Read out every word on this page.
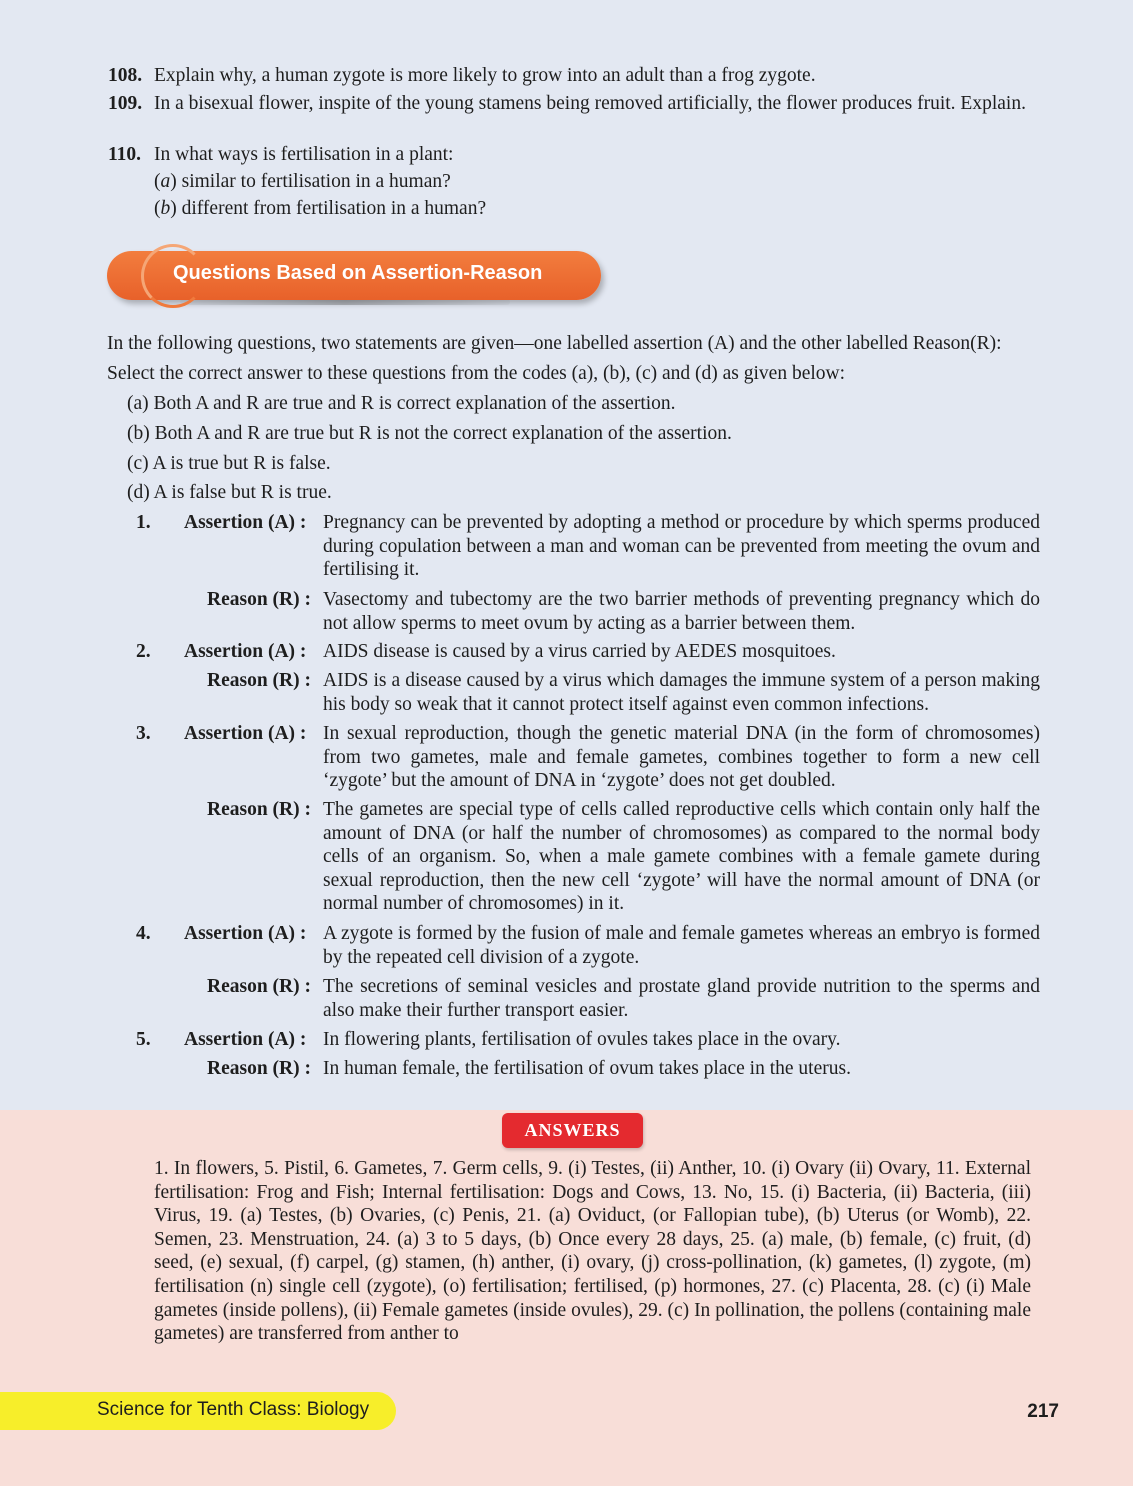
108. Explain why, a human zygote is more likely to grow into an adult than a frog zygote.
109. In a bisexual flower, inspite of the young stamens being removed artificially, the flower produces fruit. Explain.
110. In what ways is fertilisation in a plant:
(a) similar to fertilisation in a human?
(b) different from fertilisation in a human?
Questions Based on Assertion-Reason
In the following questions, two statements are given—one labelled assertion (A) and the other labelled Reason(R):
Select the correct answer to these questions from the codes (a), (b), (c) and (d) as given below:
(a) Both A and R are true and R is correct explanation of the assertion.
(b) Both A and R are true but R is not the correct explanation of the assertion.
(c) A is true but R is false.
(d) A is false but R is true.
1. Assertion (A) : Pregnancy can be prevented by adopting a method or procedure by which sperms produced during copulation between a man and woman can be prevented from meeting the ovum and fertilising it.
Reason (R) : Vasectomy and tubectomy are the two barrier methods of preventing pregnancy which do not allow sperms to meet ovum by acting as a barrier between them.
2. Assertion (A) : AIDS disease is caused by a virus carried by AEDES mosquitoes.
Reason (R) : AIDS is a disease caused by a virus which damages the immune system of a person making his body so weak that it cannot protect itself against even common infections.
3. Assertion (A) : In sexual reproduction, though the genetic material DNA (in the form of chromosomes) from two gametes, male and female gametes, combines together to form a new cell ‘zygote’ but the amount of DNA in ‘zygote’ does not get doubled.
Reason (R) : The gametes are special type of cells called reproductive cells which contain only half the amount of DNA (or half the number of chromosomes) as compared to the normal body cells of an organism. So, when a male gamete combines with a female gamete during sexual reproduction, then the new cell ‘zygote’ will have the normal amount of DNA (or normal number of chromosomes) in it.
4. Assertion (A) : A zygote is formed by the fusion of male and female gametes whereas an embryo is formed by the repeated cell division of a zygote.
Reason (R) : The secretions of seminal vesicles and prostate gland provide nutrition to the sperms and also make their further transport easier.
5. Assertion (A) : In flowering plants, fertilisation of ovules takes place in the ovary.
Reason (R) : In human female, the fertilisation of ovum takes place in the uterus.
ANSWERS
1. In flowers, 5. Pistil, 6. Gametes, 7. Germ cells, 9. (i) Testes, (ii) Anther, 10. (i) Ovary (ii) Ovary, 11. External fertilisation: Frog and Fish; Internal fertilisation: Dogs and Cows, 13. No, 15. (i) Bacteria, (ii) Bacteria, (iii) Virus, 19. (a) Testes, (b) Ovaries, (c) Penis, 21. (a) Oviduct, (or Fallopian tube), (b) Uterus (or Womb), 22. Semen, 23. Menstruation, 24. (a) 3 to 5 days, (b) Once every 28 days, 25. (a) male, (b) female, (c) fruit, (d) seed, (e) sexual, (f) carpel, (g) stamen, (h) anther, (i) ovary, (j) cross-pollination, (k) gametes, (l) zygote, (m) fertilisation (n) single cell (zygote), (o) fertilisation; fertilised, (p) hormones, 27. (c) Placenta, 28. (c) (i) Male gametes (inside pollens), (ii) Female gametes (inside ovules), 29. (c) In pollination, the pollens (containing male gametes) are transferred from anther to
Science for Tenth Class: Biology	217
